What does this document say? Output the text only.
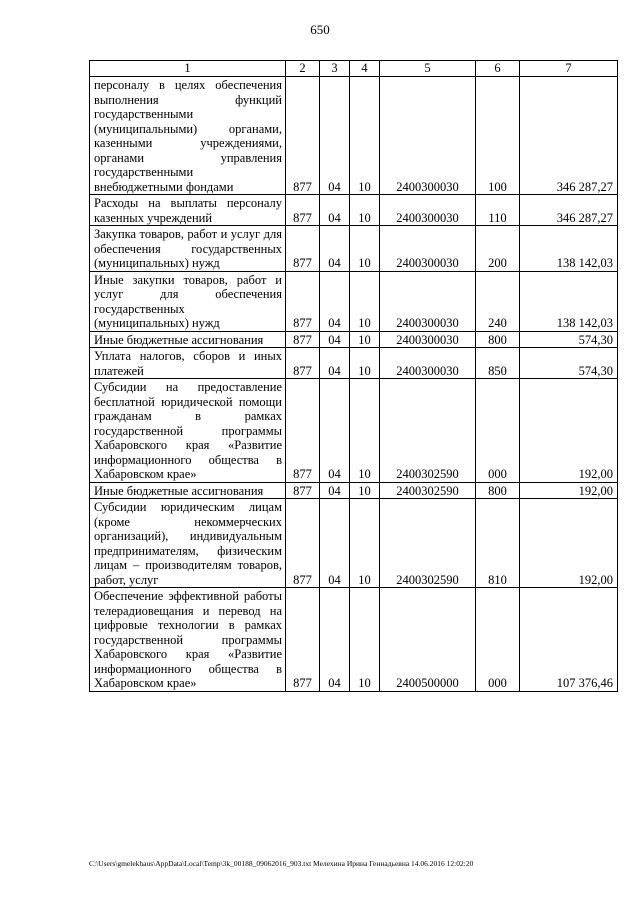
650
1	2	3	4	5	6	7
персоналу в целях обеспечения выполнения функций государственными (муниципальными) органами, казенными учреждениями, органами управления государственными внебюджетными фондами	877	04	10	2400300030	100	346 287,27
Расходы на выплаты персоналу казенных учреждений	877	04	10	2400300030	110	346 287,27
Закупка товаров, работ и услуг для обеспечения государственных (муниципальных) нужд	877	04	10	2400300030	200	138 142,03
Иные закупки товаров, работ и услуг для обеспечения государственных (муниципальных) нужд	877	04	10	2400300030	240	138 142,03
Иные бюджетные ассигнования	877	04	10	2400300030	800	574,30
Уплата налогов, сборов и иных платежей	877	04	10	2400300030	850	574,30
Субсидии на предоставление бесплатной юридической помощи гражданам в рамках государственной программы Хабаровского края «Развитие информационного общества в Хабаровском крае»	877	04	10	2400302590	000	192,00
Иные бюджетные ассигнования	877	04	10	2400302590	800	192,00
Субсидии юридическим лицам (кроме некоммерческих организаций), индивидуальным предпринимателям, физическим лицам – производителям товаров, работ, услуг	877	04	10	2400302590	810	192,00
Обеспечение эффективной работы телерадиовещания и перевод на цифровые технологии в рамках государственной программы Хабаровского края «Развитие информационного общества в Хабаровском крае»	877	04	10	2400500000	000	107 376,46
C:\Users\gmelekhaus\AppData\Local\Temp\3k_00188_09062016_903.txt Мелехина Ирина Геннадьевна 14.06.2016 12:02:20
